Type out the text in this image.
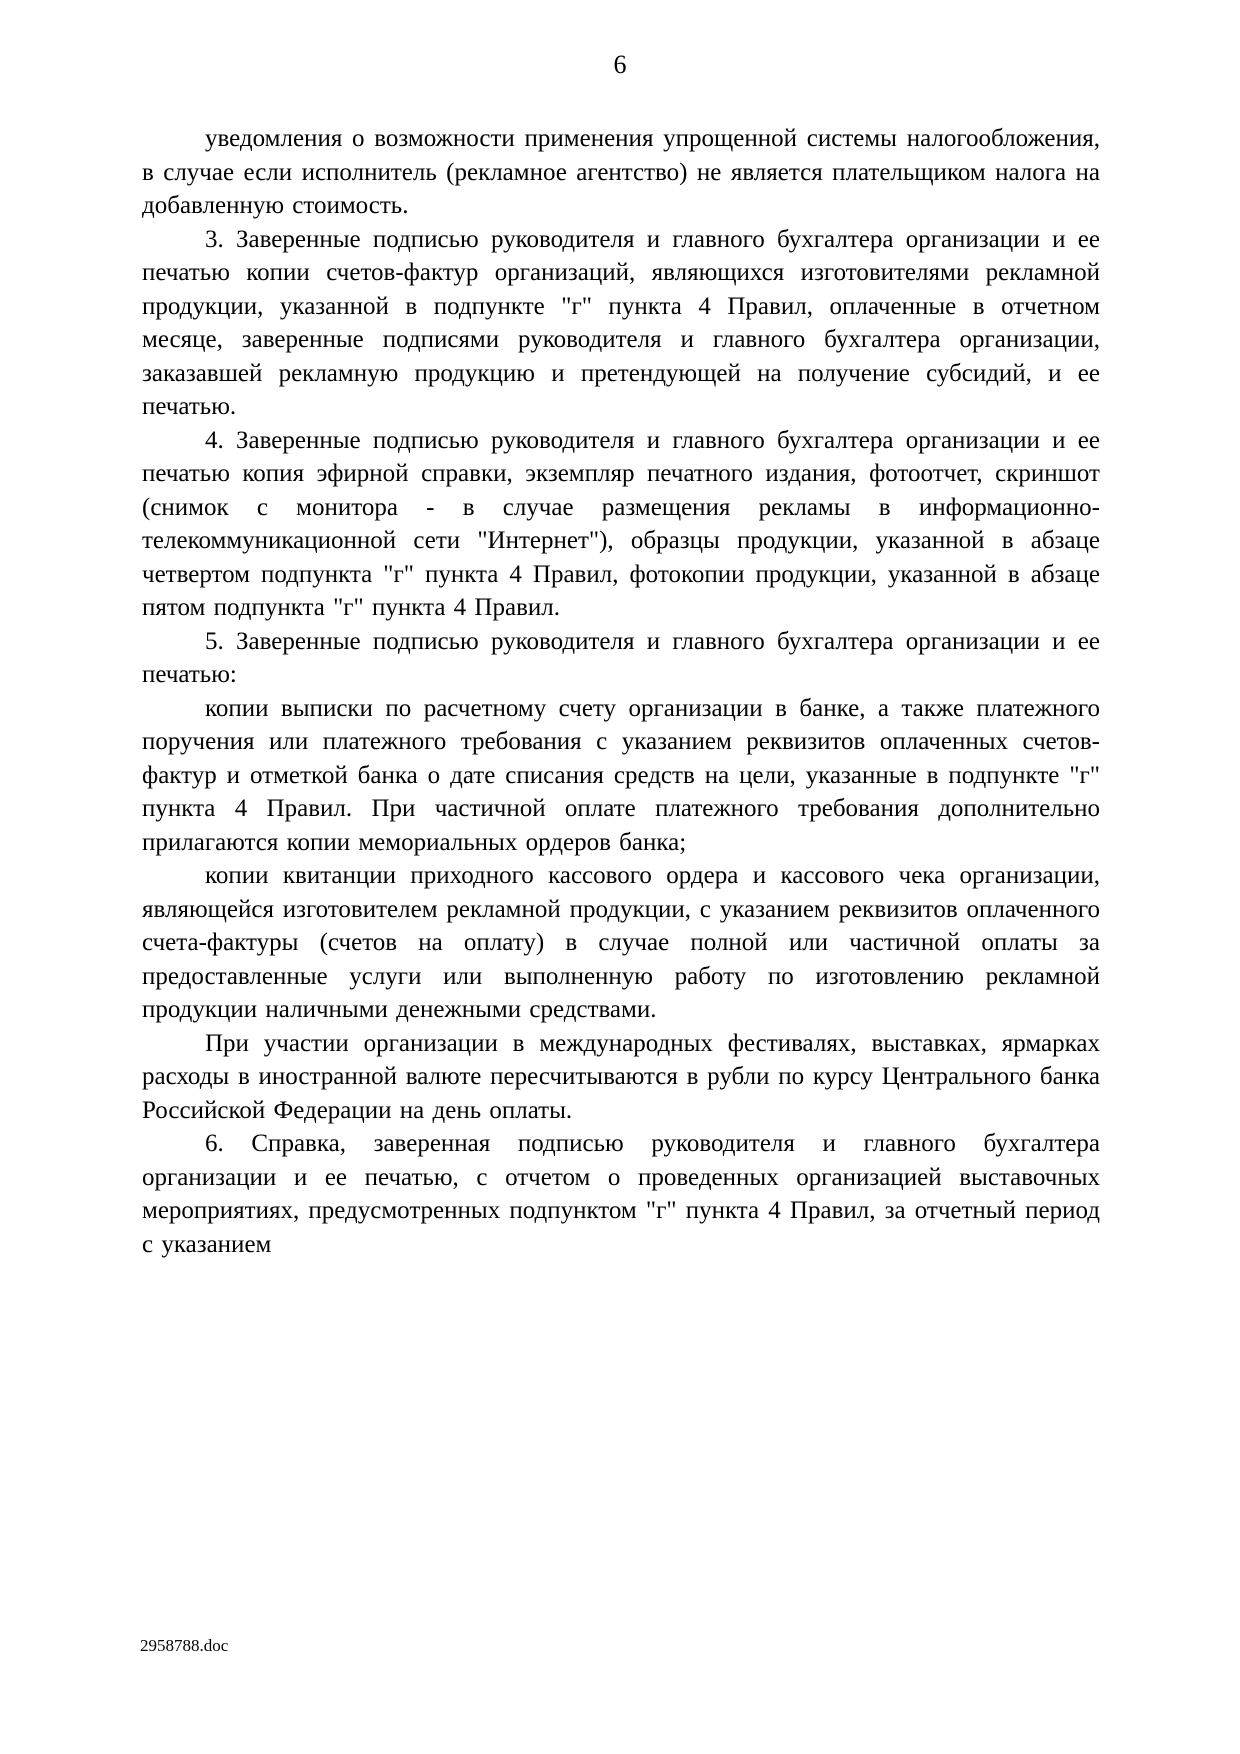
6

уведомления о возможности применения упрощенной системы налогообложения, в случае если исполнитель (рекламное агентство) не является плательщиком налога на добавленную стоимость.

3. Заверенные подписью руководителя и главного бухгалтера организации и ее печатью копии счетов-фактур организаций, являющихся изготовителями рекламной продукции, указанной в подпункте "г" пункта 4 Правил, оплаченные в отчетном месяце, заверенные подписями руководителя и главного бухгалтера организации, заказавшей рекламную продукцию и претендующей на получение субсидий, и ее печатью.

4. Заверенные подписью руководителя и главного бухгалтера организации и ее печатью копия эфирной справки, экземпляр печатного издания, фотоотчет, скриншот (снимок с монитора - в случае размещения рекламы в информационно-телекоммуникационной сети "Интернет"), образцы продукции, указанной в абзаце четвертом подпункта "г" пункта 4 Правил, фотокопии продукции, указанной в абзаце пятом подпункта "г" пункта 4 Правил.

5. Заверенные подписью руководителя и главного бухгалтера организации и ее печатью:

копии выписки по расчетному счету организации в банке, а также платежного поручения или платежного требования с указанием реквизитов оплаченных счетов-фактур и отметкой банка о дате списания средств на цели, указанные в подпункте "г" пункта 4 Правил. При частичной оплате платежного требования дополнительно прилагаются копии мемориальных ордеров банка;

копии квитанции приходного кассового ордера и кассового чека организации, являющейся изготовителем рекламной продукции, с указанием реквизитов оплаченного счета-фактуры (счетов на оплату) в случае полной или частичной оплаты за предоставленные услуги или выполненную работу по изготовлению рекламной продукции наличными денежными средствами.

При участии организации в международных фестивалях, выставках, ярмарках расходы в иностранной валюте пересчитываются в рубли по курсу Центрального банка Российской Федерации на день оплаты.

6. Справка, заверенная подписью руководителя и главного бухгалтера организации и ее печатью, с отчетом о проведенных организацией выставочных мероприятиях, предусмотренных подпунктом "г" пункта 4 Правил, за отчетный период с указанием

2958788.doc
